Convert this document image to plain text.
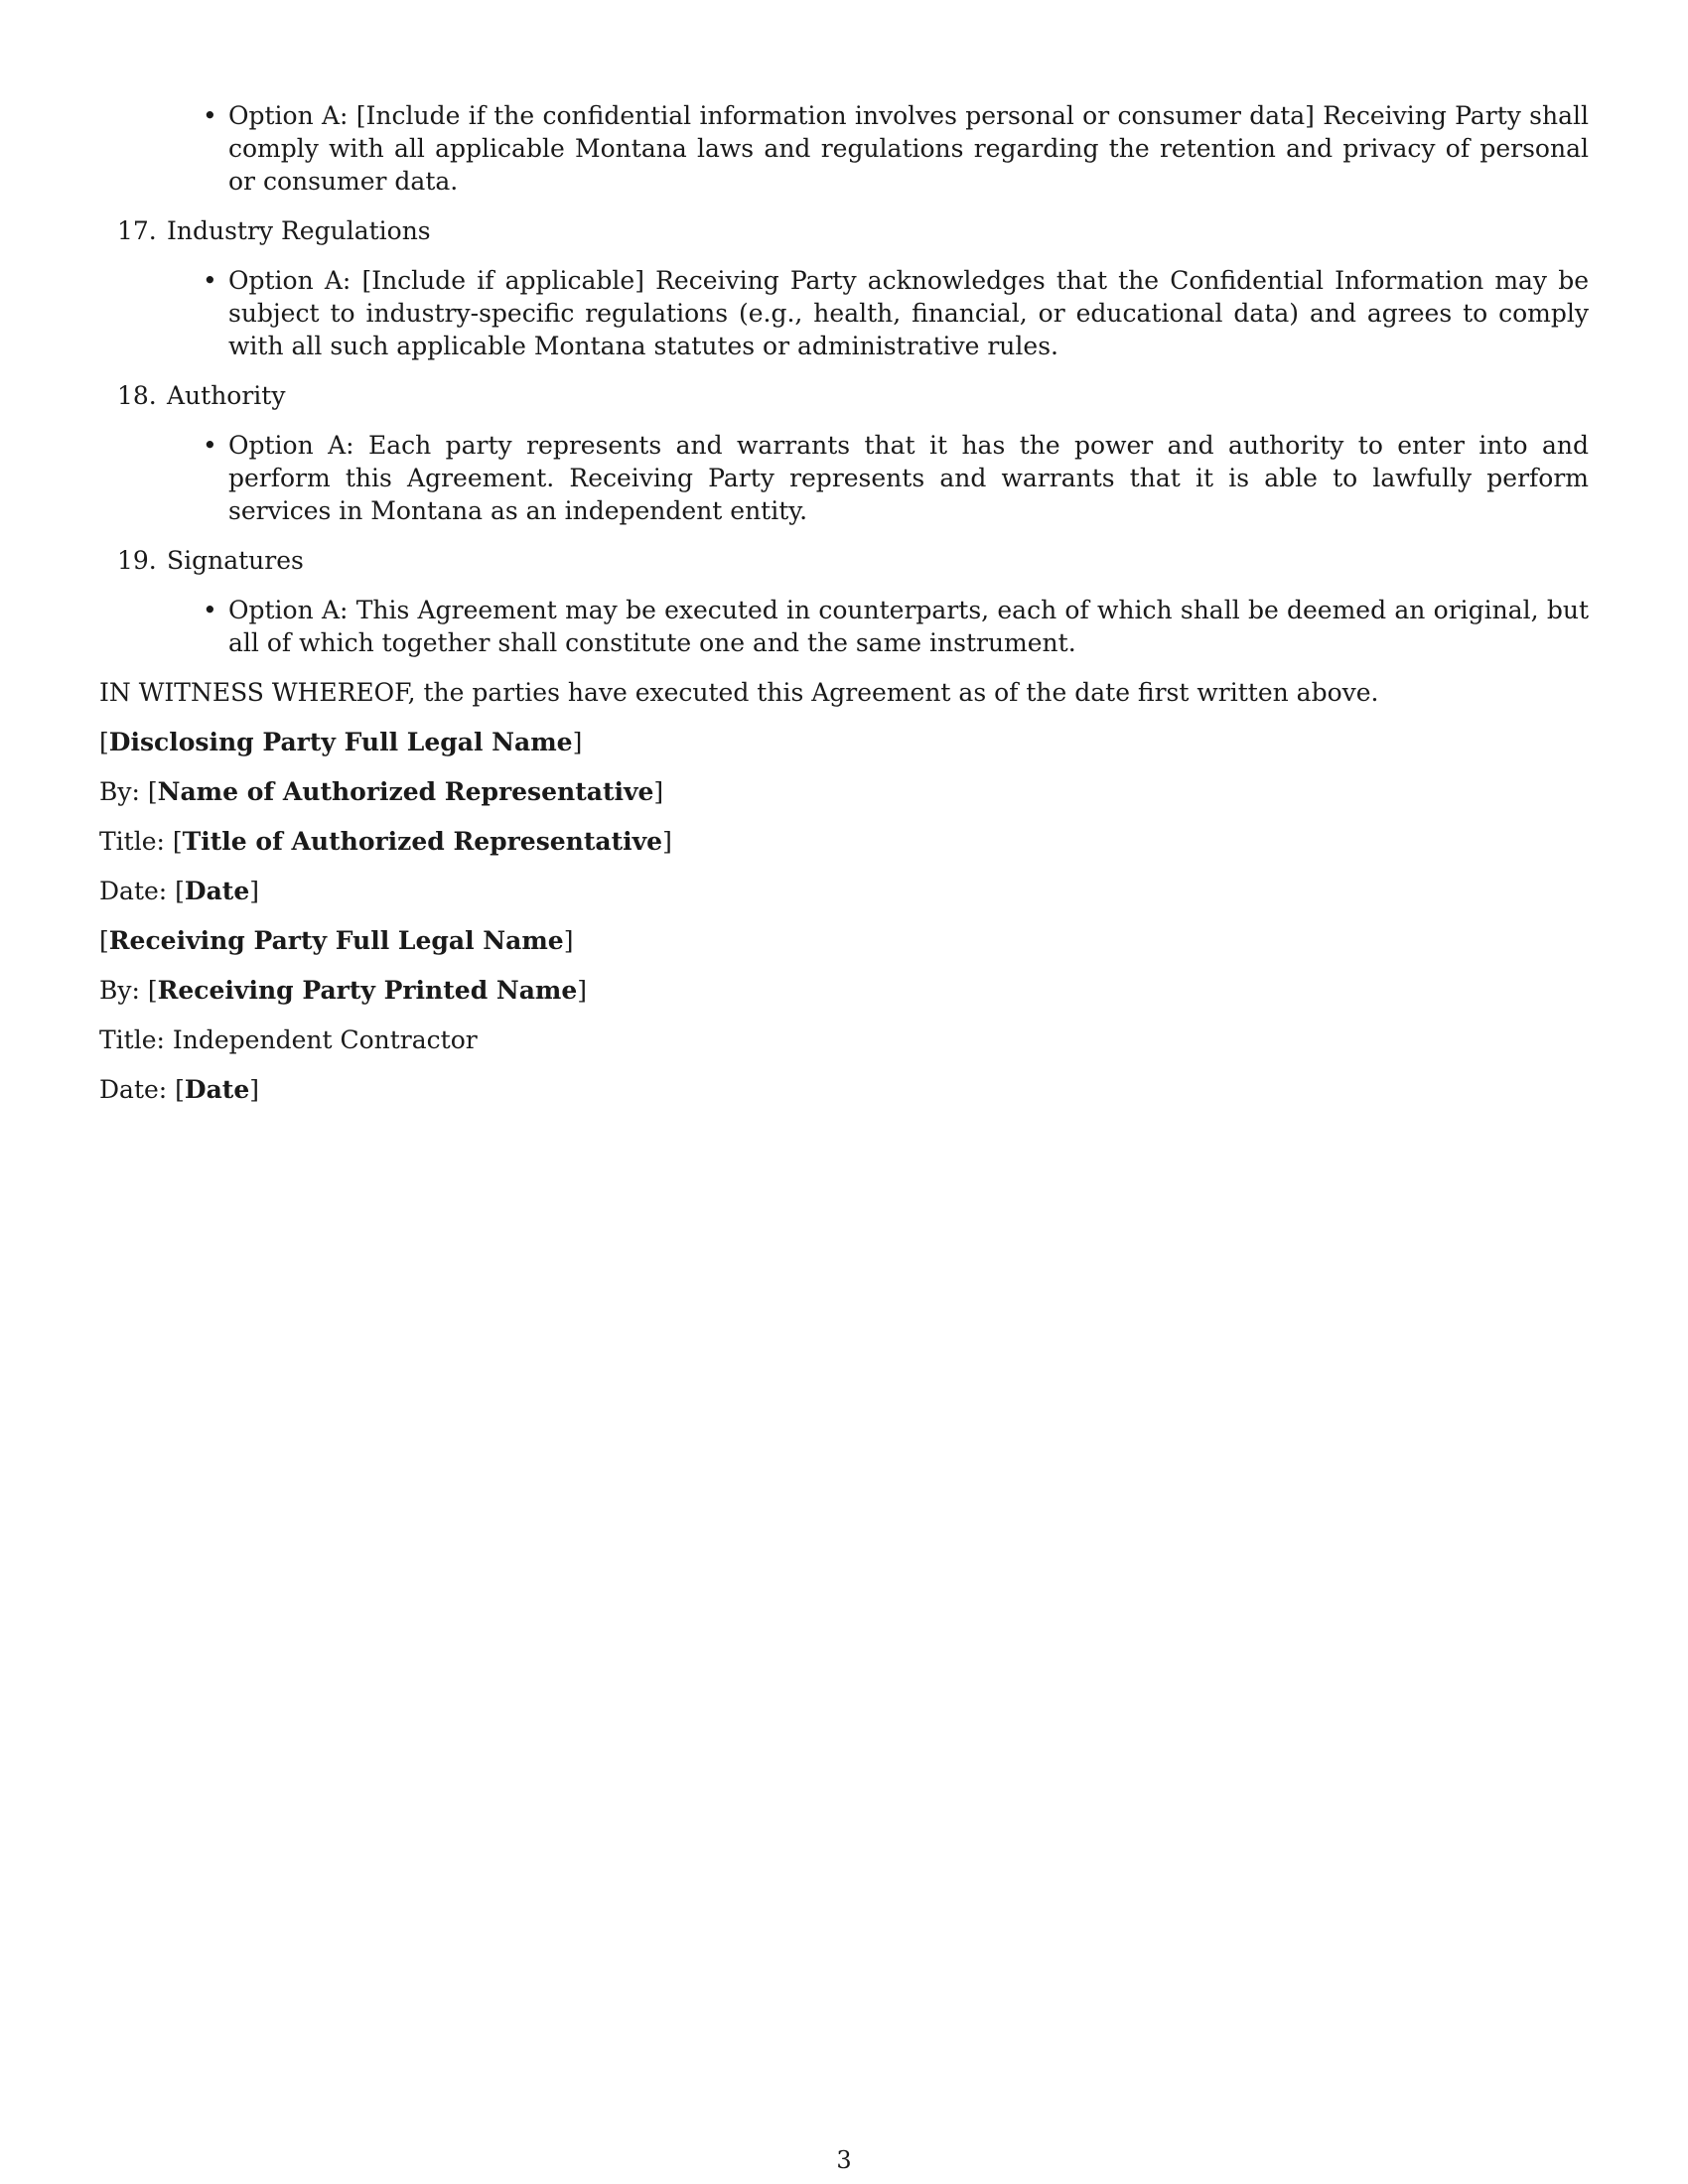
• Option A: [Include if the confidential information involves personal or consumer data] Receiving Party shall comply with all applicable Montana laws and regulations regarding the retention and privacy of personal or consumer data.
17. Industry Regulations
• Option A: [Include if applicable] Receiving Party acknowledges that the Confidential Information may be subject to industry-specific regulations (e.g., health, financial, or educational data) and agrees to comply with all such applicable Montana statutes or administrative rules.
18. Authority
• Option A: Each party represents and warrants that it has the power and authority to enter into and perform this Agreement. Receiving Party represents and warrants that it is able to lawfully perform services in Montana as an independent entity.
19. Signatures
• Option A: This Agreement may be executed in counterparts, each of which shall be deemed an original, but all of which together shall constitute one and the same instrument.
IN WITNESS WHEREOF, the parties have executed this Agreement as of the date first written above.
[Disclosing Party Full Legal Name]
By: [Name of Authorized Representative]
Title: [Title of Authorized Representative]
Date: [Date]
[Receiving Party Full Legal Name]
By: [Receiving Party Printed Name]
Title: Independent Contractor
Date: [Date]
3
